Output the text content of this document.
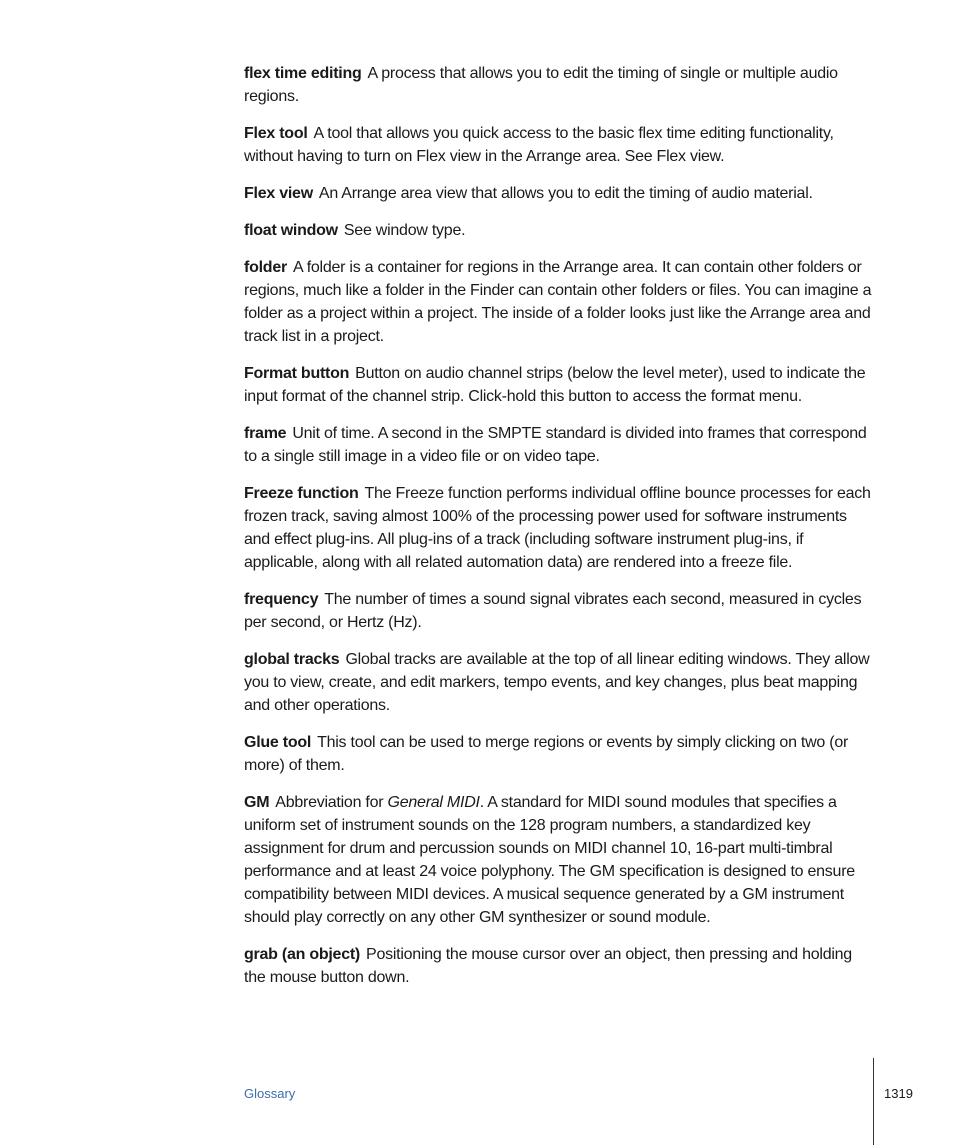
flex time editing A process that allows you to edit the timing of single or multiple audio regions.

Flex tool A tool that allows you quick access to the basic flex time editing functionality, without having to turn on Flex view in the Arrange area. See Flex view.

Flex view An Arrange area view that allows you to edit the timing of audio material.

float window See window type.

folder A folder is a container for regions in the Arrange area. It can contain other folders or regions, much like a folder in the Finder can contain other folders or files. You can imagine a folder as a project within a project. The inside of a folder looks just like the Arrange area and track list in a project.

Format button Button on audio channel strips (below the level meter), used to indicate the input format of the channel strip. Click-hold this button to access the format menu.

frame Unit of time. A second in the SMPTE standard is divided into frames that correspond to a single still image in a video file or on video tape.

Freeze function The Freeze function performs individual offline bounce processes for each frozen track, saving almost 100% of the processing power used for software instruments and effect plug-ins. All plug-ins of a track (including software instrument plug-ins, if applicable, along with all related automation data) are rendered into a freeze file.

frequency The number of times a sound signal vibrates each second, measured in cycles per second, or Hertz (Hz).

global tracks Global tracks are available at the top of all linear editing windows. They allow you to view, create, and edit markers, tempo events, and key changes, plus beat mapping and other operations.

Glue tool This tool can be used to merge regions or events by simply clicking on two (or more) of them.

GM Abbreviation for General MIDI. A standard for MIDI sound modules that specifies a uniform set of instrument sounds on the 128 program numbers, a standardized key assignment for drum and percussion sounds on MIDI channel 10, 16-part multi-timbral performance and at least 24 voice polyphony. The GM specification is designed to ensure compatibility between MIDI devices. A musical sequence generated by a GM instrument should play correctly on any other GM synthesizer or sound module.

grab (an object) Positioning the mouse cursor over an object, then pressing and holding the mouse button down.

Glossary	1319
